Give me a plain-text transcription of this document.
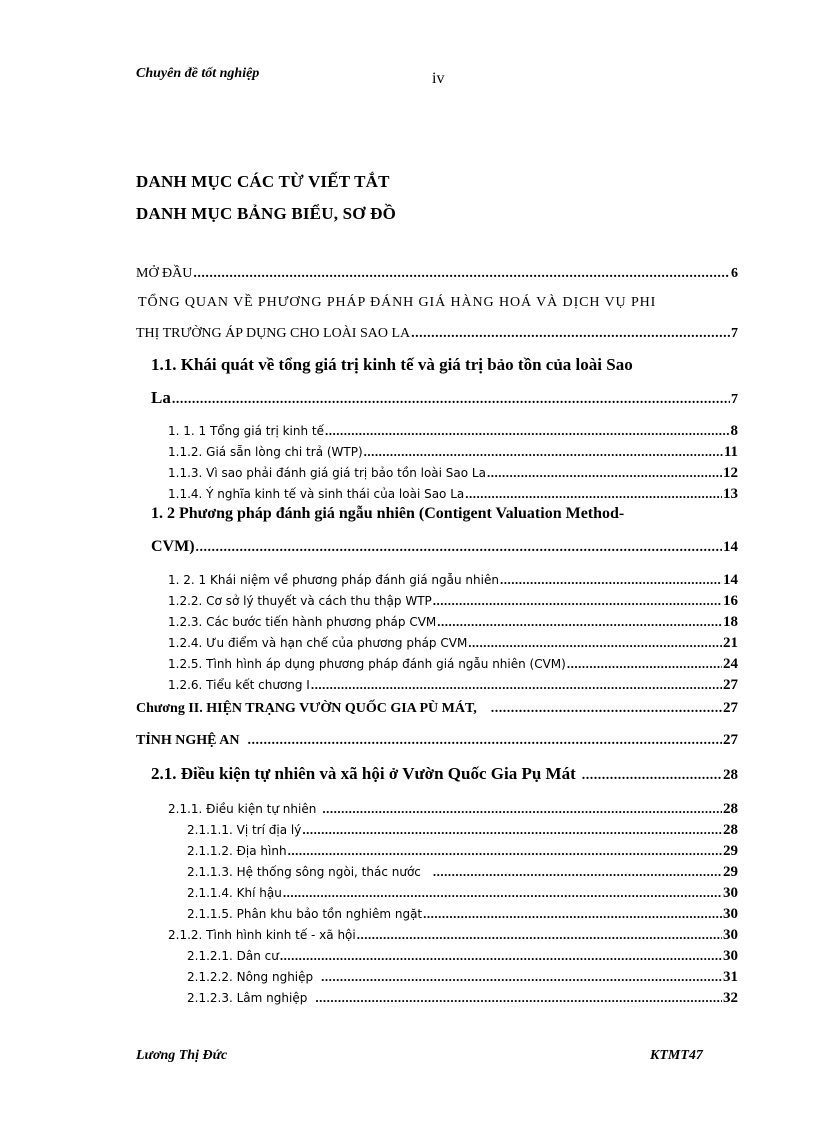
Chuyên đề tốt nghiệp	iv
DANH MỤC CÁC TỪ VIẾT TẮT
DANH MỤC BẢNG BIỂU, SƠ ĐỒ
MỞ ĐẦU .....	6
TỔNG QUAN VỀ PHƯƠNG PHÁP ĐÁNH GIÁ HÀNG HOÁ VÀ DỊCH VỤ PHI
THỊ TRƯỜNG ÁP DỤNG CHO LOÀI SAO LA .....	7
1.1. Khái quát về tổng giá trị kinh tế và giá trị bảo tồn của loài Sao
La .....	7
1. 1. 1 Tổng giá trị kinh tế .....	8
1.1.2. Giá sẵn lòng chi trả (WTP) .....	11
1.1.3. Vì sao phải đánh giá giá trị bảo tồn loài Sao La .....	12
1.1.4. Ý nghĩa kinh tế và sinh thái của loài Sao La .....	13
1. 2 Phương pháp đánh giá ngẫu nhiên (Contigent Valuation Method-
CVM) .....	14
1. 2. 1 Khái niệm về phương pháp đánh giá ngẫu nhiên .....	14
1.2.2. Cơ sở lý thuyết và cách thu thập WTP .....	16
1.2.3. Các bước tiến hành phương pháp CVM .....	18
1.2.4. Ưu điểm và hạn chế của phương pháp CVM .....	21
1.2.5. Tình hình áp dụng phương pháp đánh giá ngẫu nhiên (CVM) .....	24
1.2.6. Tiểu kết chương I .....	27
Chương II. HIỆN TRẠNG VƯỜN QUỐC GIA PÙ MÁT, .....	27
TỈNH NGHỆ AN .....	27
2.1. Điều kiện tự nhiên và xã hội ở Vườn Quốc Gia Pụ Mát .....	28
2.1.1. Điều kiện tự nhiên .....	28
2.1.1.1. Vị trí địa lý .....	28
2.1.1.2. Địa hình .....	29
2.1.1.3. Hệ thống sông ngòi, thác nước .....	29
2.1.1.4. Khí hậu .....	30
2.1.1.5. Phân khu bảo tồn nghiêm ngặt .....	30
2.1.2. Tình hình kinh tế - xã hội .....	30
2.1.2.1. Dân cư .....	30
2.1.2.2. Nông nghiệp .....	31
2.1.2.3. Lâm nghiệp .....	32
Lương Thị Đức	KTMT47
